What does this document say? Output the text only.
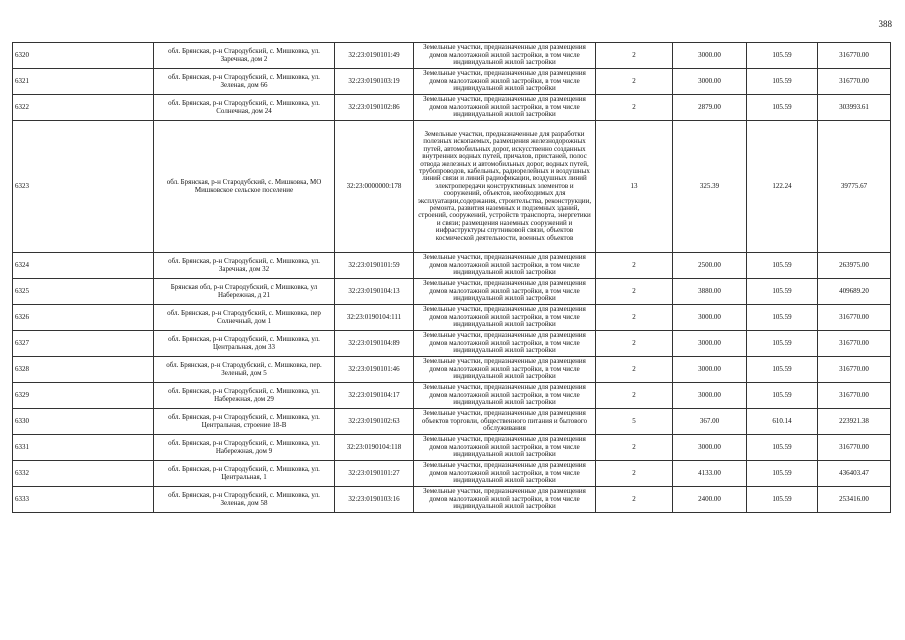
388
6320	обл. Брянская, р-н Стародубский, с. Мишковка, ул. Заречная, дом 2	32:23:0190101:49	Земельные участки, предназначенные для размещения домов малоэтажной жилой застройки, в том числе индивидуальной жилой застройки	2	3000.00	105.59	316770.00
6321	обл. Брянская, р-н Стародубский, с. Мишковка, ул. Зеленая, дом 66	32:23:0190103:19	Земельные участки, предназначенные для размещения домов малоэтажной жилой застройки, в том числе индивидуальной жилой застройки	2	3000.00	105.59	316770.00
6322	обл. Брянская, р-н Стародубский, с. Мишковка, ул. Солнечная, дом 24	32:23:0190102:86	Земельные участки, предназначенные для размещения домов малоэтажной жилой застройки, в том числе индивидуальной жилой застройки	2	2879.00	105.59	303993.61
6323	обл. Брянская, р-н Стародубский, с. Мишковка, МО Мишковское сельское поселение	32:23:0000000:178	Земельные участки, предназначенные для разработки полезных ископаемых, размещения железнодорожных путей, автомобильных дорог, искусственно созданных внутренних водных путей, причалов, пристаней, полос отвода железных и автомобильных дорог, водных путей, трубопроводов, кабельных, радиорелейных и воздушных линий связи и линий радиофикации, воздушных линий электропередачи конструктивных элементов и сооружений, объектов, необходимых для эксплуатации,содержания, строительства, реконструкции, ремонта, развития наземных и подземных зданий, строений, сооружений, устройств транспорта, энергетики и связи; размещения наземных сооружений и инфраструктуры спутниковой связи, объектов космической деятельности, военных объектов	13	325.39	122.24	39775.67
6324	обл. Брянская, р-н Стародубский, с. Мишковка, ул. Заречная, дом 32	32:23:0190101:59	Земельные участки, предназначенные для размещения домов малоэтажной жилой застройки, в том числе индивидуальной жилой застройки	2	2500.00	105.59	263975.00
6325	Брянская обл, р-н Стародубский, с Мишковка, ул Набережная, д 21	32:23:0190104:13	Земельные участки, предназначенные для размещения домов малоэтажной жилой застройки, в том числе индивидуальной жилой застройки	2	3880.00	105.59	409689.20
6326	обл. Брянская, р-н Стародубский, с. Мишковка, пер Солнечный, дом 1	32:23:0190104:111	Земельные участки, предназначенные для размещения домов малоэтажной жилой застройки, в том числе индивидуальной жилой застройки	2	3000.00	105.59	316770.00
6327	обл. Брянская, р-н Стародубский, с. Мишковка, ул. Центральная, дом 33	32:23:0190104:89	Земельные участки, предназначенные для размещения домов малоэтажной жилой застройки, в том числе индивидуальной жилой застройки	2	3000.00	105.59	316770.00
6328	обл. Брянская, р-н Стародубский, с. Мишковка, пер. Зеленый, дом 5	32:23:0190101:46	Земельные участки, предназначенные для размещения домов малоэтажной жилой застройки, в том числе индивидуальной жилой застройки	2	3000.00	105.59	316770.00
6329	обл. Брянская, р-н Стародубский, с. Мишковка, ул. Набережная, дом 29	32:23:0190104:17	Земельные участки, предназначенные для размещения домов малоэтажной жилой застройки, в том числе индивидуальной жилой застройки	2	3000.00	105.59	316770.00
6330	обл. Брянская, р-н Стародубский, с. Мишковка, ул. Центральная, строение 18-В	32:23:0190102:63	Земельные участки, предназначенные для размещения объектов торговли, общественного питания и бытового обслуживания	5	367.00	610.14	223921.38
6331	обл. Брянская, р-н Стародубский, с. Мишковка, ул. Набережная, дом 9	32:23:0190104:118	Земельные участки, предназначенные для размещения домов малоэтажной жилой застройки, в том числе индивидуальной жилой застройки	2	3000.00	105.59	316770.00
6332	обл. Брянская, р-н Стародубский, с. Мишковка, ул. Центральная, 1	32:23:0190101:27	Земельные участки, предназначенные для размещения домов малоэтажной жилой застройки, в том числе индивидуальной жилой застройки	2	4133.00	105.59	436403.47
6333	обл. Брянская, р-н Стародубский, с. Мишковка, ул. Зеленая, дом 58	32:23:0190103:16	Земельные участки, предназначенные для размещения домов малоэтажной жилой застройки, в том числе индивидуальной жилой застройки	2	2400.00	105.59	253416.00
